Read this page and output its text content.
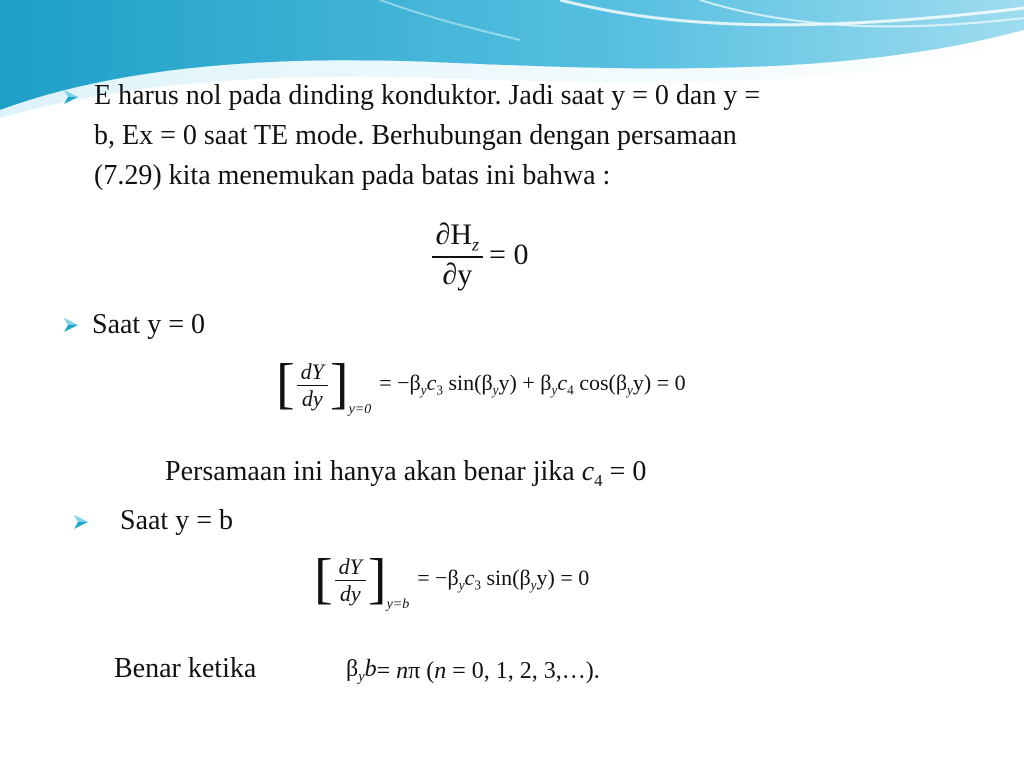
E harus nol pada dinding konduktor. Jadi saat y = 0 dan y =
b, Ex = 0 saat TE mode. Berhubungan dengan persamaan
(7.29) kita menemukan pada batas ini bahwa :
$\frac{\partial H_z}{\partial y} = 0$
Saat y = 0
[ $\frac{dY}{dy}$ ] y=0
= $-\beta_yc_3$ $\sin(\beta_yy) + \beta_yc_4$ $\cos(\beta_yy) = 0$
Persamaan ini hanya akan benar jika $c_4 = 0$
Saat y = b
[ $\frac{dY}{dy}$ ] y=b
= $-\beta_yc_3$ $\sin(\beta_yy) = 0$
Benar ketika	$\beta_yb = n\pi$ (n = 0, 1, 2, 3,…).
